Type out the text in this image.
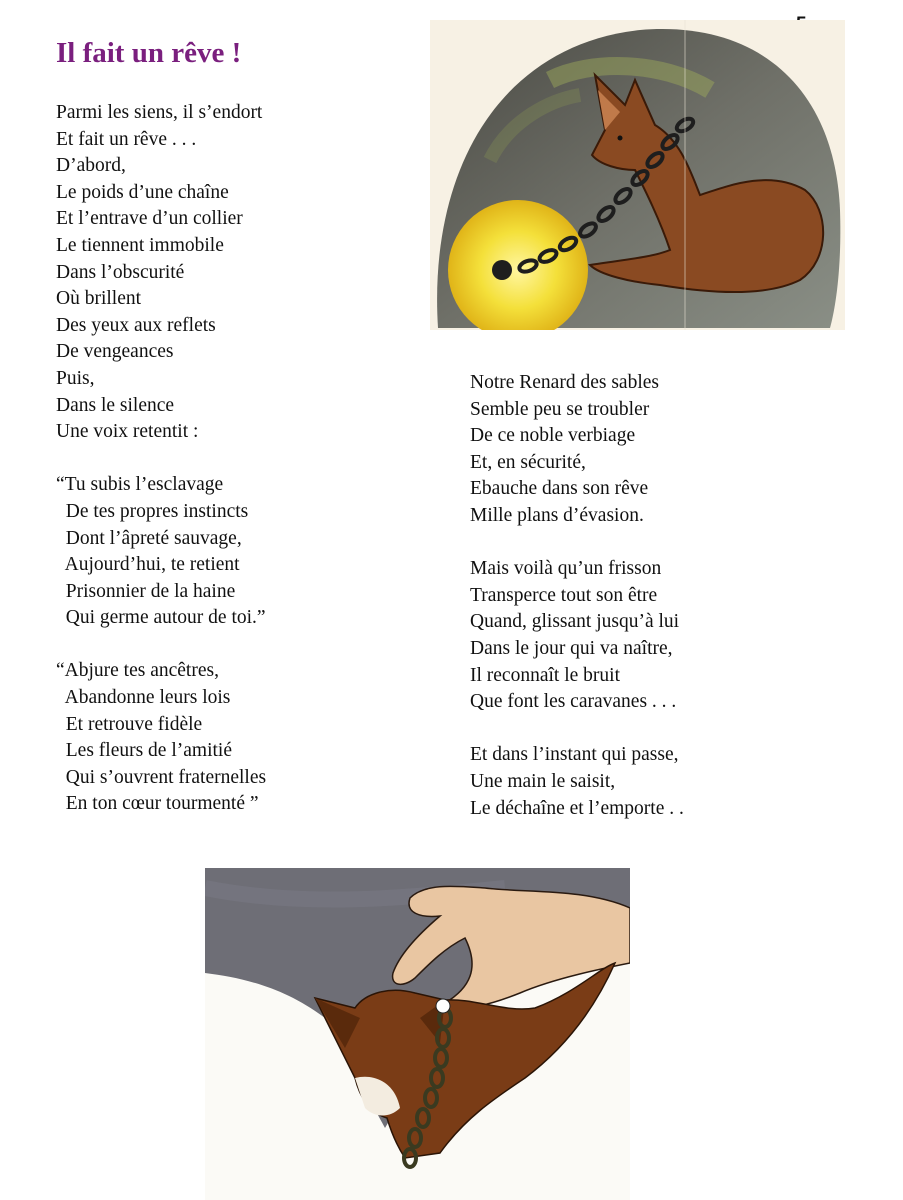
Il fait un rêve !
Parmi les siens, il s’endort
Et fait un rêve . . .
D’abord,
Le poids d’une chaîne
Et l’entrave d’un collier
Le tiennent immobile
Dans l’obscurité
Où brillent
Des yeux aux reflets
De vengeances
Puis,
Dans le silence
Une voix retentit :
“Tu subis l’esclavage
De tes propres instincts
Dont l’âpreté sauvage,
Aujourd’hui, te retient
Prisonnier de la haine
Qui germe autour de toi.”
“Abjure tes ancêtres,
Abandonne leurs lois
Et retrouve fidèle
Les fleurs de l’amitié
Qui s’ouvrent fraternelles
En ton cœur tourmenté ”
Notre Renard des sables
Semble peu se troubler
De ce noble verbiage
Et, en sécurité,
Ebauche dans son rêve
Mille plans d’évasion.
Mais voilà qu’un frisson
Transperce tout son être
Quand, glissant jusqu’à lui
Dans le jour qui va naître,
Il reconnaît le bruit
Que font les caravanes . . .
Et dans l’instant qui passe,
Une main le saisit,
Le déchaîne et l’emporte . .
